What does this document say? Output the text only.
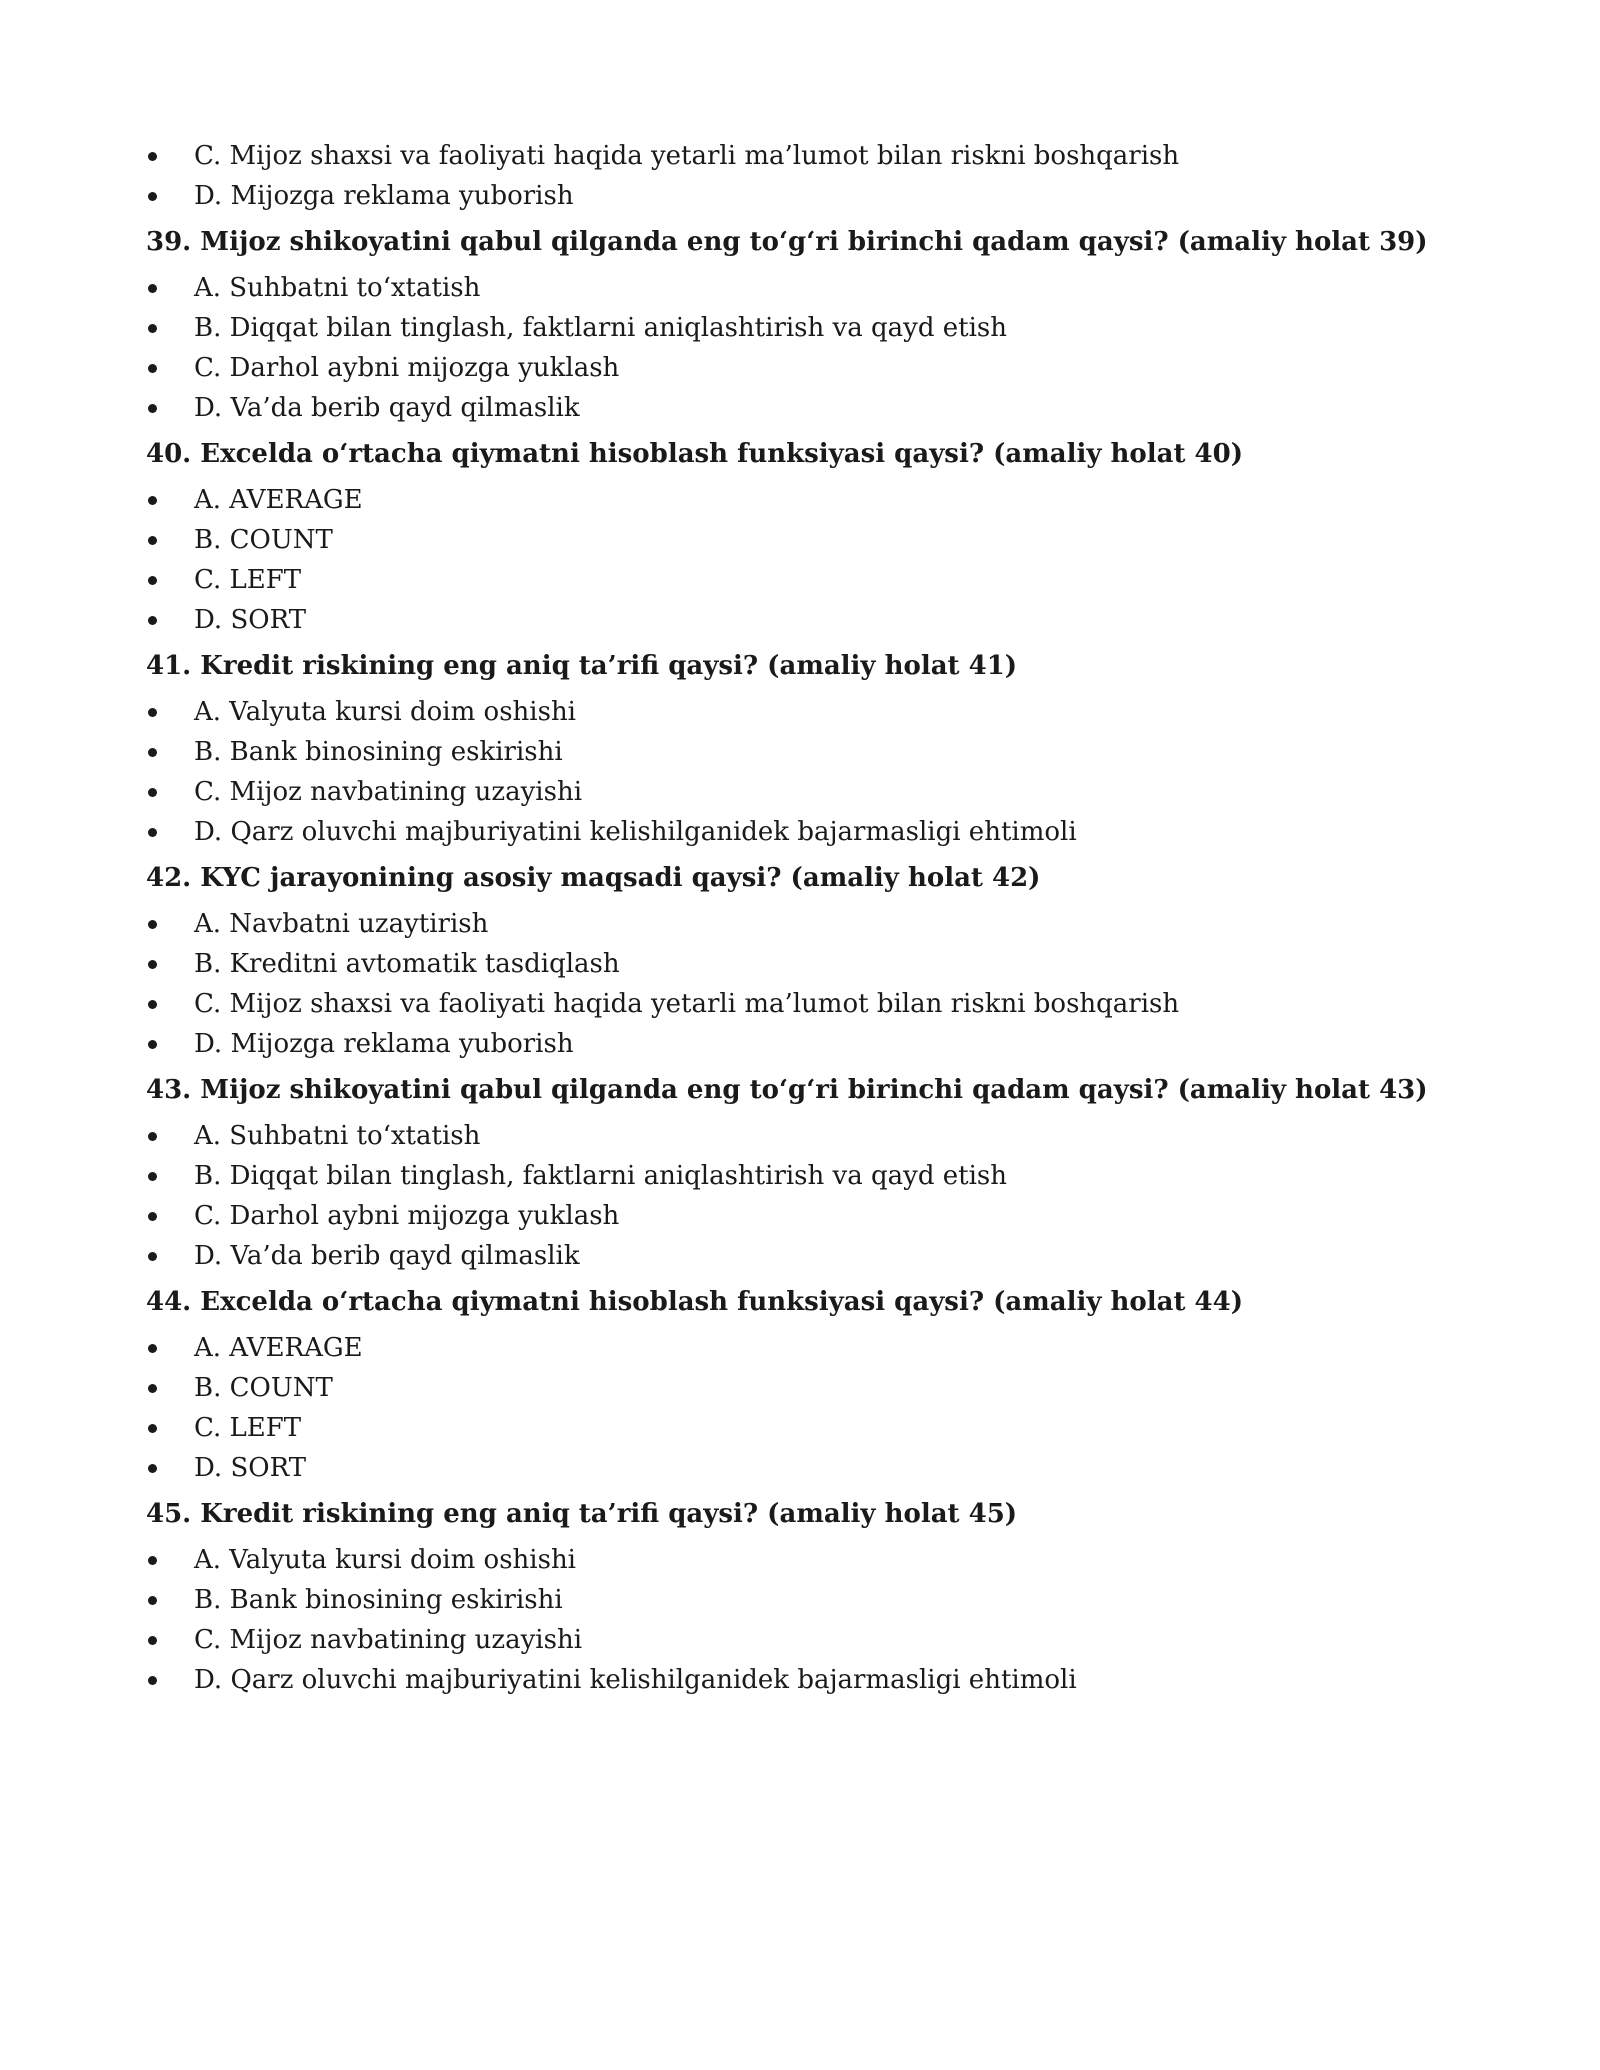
C. Mijoz shaxsi va faoliyati haqida yetarli ma’lumot bilan riskni boshqarish
D. Mijozga reklama yuborish

39. Mijoz shikoyatini qabul qilganda eng to‘g‘ri birinchi qadam qaysi? (amaliy holat 39)

A. Suhbatni to‘xtatish
B. Diqqat bilan tinglash, faktlarni aniqlashtirish va qayd etish
C. Darhol aybni mijozga yuklash
D. Va’da berib qayd qilmaslik

40. Excelda o‘rtacha qiymatni hisoblash funksiyasi qaysi? (amaliy holat 40)

A. AVERAGE
B. COUNT
C. LEFT
D. SORT

41. Kredit riskining eng aniq ta’rifi qaysi? (amaliy holat 41)

A. Valyuta kursi doim oshishi
B. Bank binosining eskirishi
C. Mijoz navbatining uzayishi
D. Qarz oluvchi majburiyatini kelishilganidek bajarmasligi ehtimoli

42. KYC jarayonining asosiy maqsadi qaysi? (amaliy holat 42)

A. Navbatni uzaytirish
B. Kreditni avtomatik tasdiqlash
C. Mijoz shaxsi va faoliyati haqida yetarli ma’lumot bilan riskni boshqarish
D. Mijozga reklama yuborish

43. Mijoz shikoyatini qabul qilganda eng to‘g‘ri birinchi qadam qaysi? (amaliy holat 43)

A. Suhbatni to‘xtatish
B. Diqqat bilan tinglash, faktlarni aniqlashtirish va qayd etish
C. Darhol aybni mijozga yuklash
D. Va’da berib qayd qilmaslik

44. Excelda o‘rtacha qiymatni hisoblash funksiyasi qaysi? (amaliy holat 44)

A. AVERAGE
B. COUNT
C. LEFT
D. SORT

45. Kredit riskining eng aniq ta’rifi qaysi? (amaliy holat 45)

A. Valyuta kursi doim oshishi
B. Bank binosining eskirishi
C. Mijoz navbatining uzayishi
D. Qarz oluvchi majburiyatini kelishilganidek bajarmasligi ehtimoli
